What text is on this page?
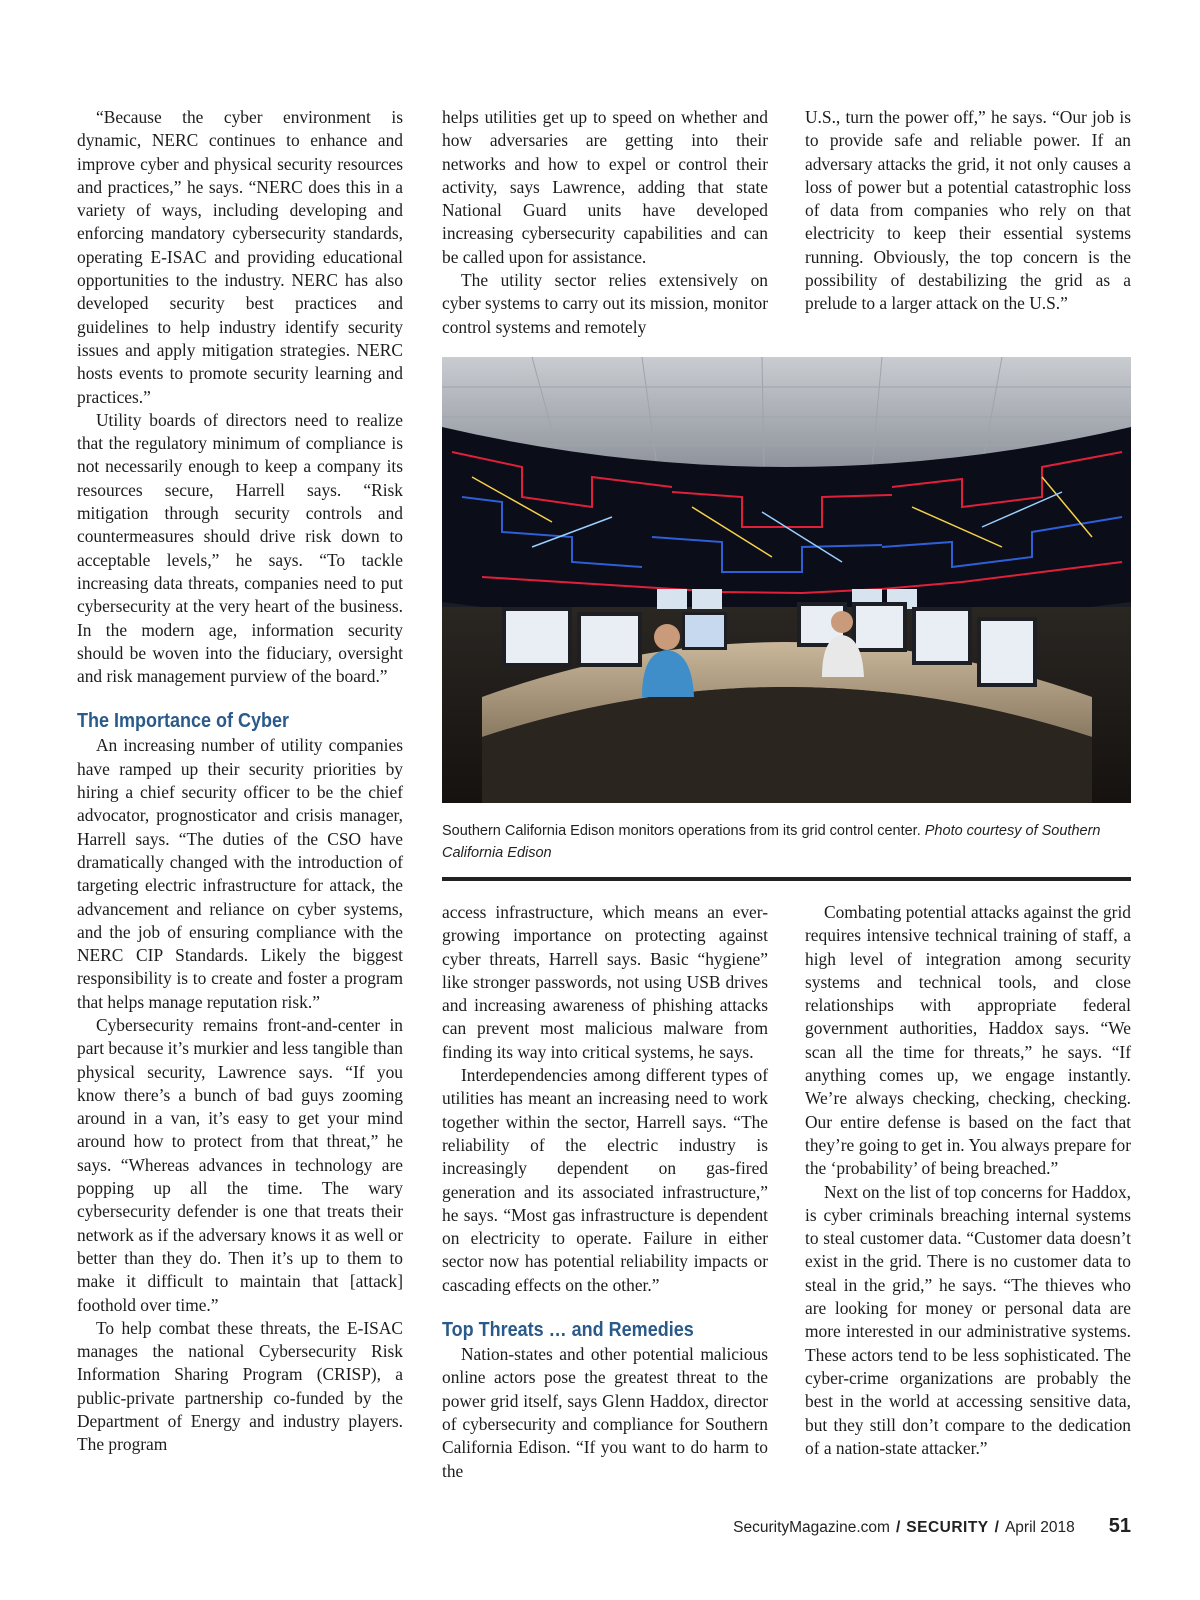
“Because the cyber environment is dynamic, NERC continues to enhance and improve cyber and physical security resources and practices,” he says. “NERC does this in a variety of ways, including developing and enforcing mandatory cybersecurity standards, operating E-ISAC and providing educational opportunities to the industry. NERC has also developed security best practices and guidelines to help industry identify security issues and apply mitigation strategies. NERC hosts events to promote security learning and practices.”

Utility boards of directors need to realize that the regulatory minimum of compliance is not necessarily enough to keep a company its resources secure, Harrell says. “Risk mitigation through security controls and countermeasures should drive risk down to acceptable levels,” he says. “To tackle increasing data threats, companies need to put cybersecurity at the very heart of the business. In the modern age, information security should be woven into the fiduciary, oversight and risk management purview of the board.”

The Importance of Cyber

An increasing number of utility companies have ramped up their security priorities by hiring a chief security officer to be the chief advocator, prognosticator and crisis manager, Harrell says. “The duties of the CSO have dramatically changed with the introduction of targeting electric infrastructure for attack, the advancement and reliance on cyber systems, and the job of ensuring compliance with the NERC CIP Standards. Likely the biggest responsibility is to create and foster a program that helps manage reputation risk.”

Cybersecurity remains front-and-center in part because it’s murkier and less tangible than physical security, Lawrence says. “If you know there’s a bunch of bad guys zooming around in a van, it’s easy to get your mind around how to protect from that threat,” he says. “Whereas advances in technology are popping up all the time. The wary cybersecurity defender is one that treats their network as if the adversary knows it as well or better than they do. Then it’s up to them to make it difficult to maintain that [attack] foothold over time.”

To help combat these threats, the E-ISAC manages the national Cybersecurity Risk Information Sharing Program (CRISP), a public-private partnership co-funded by the Department of Energy and industry players. The program

helps utilities get up to speed on whether and how adversaries are getting into their networks and how to expel or control their activity, says Lawrence, adding that state National Guard units have developed increasing cybersecurity capabilities and can be called upon for assistance.

The utility sector relies extensively on cyber systems to carry out its mission, monitor control systems and remotely

U.S., turn the power off,” he says. “Our job is to provide safe and reliable power. If an adversary attacks the grid, it not only causes a loss of power but a potential catastrophic loss of data from companies who rely on that electricity to keep their essential systems running. Obviously, the top concern is the possibility of destabilizing the grid as a prelude to a larger attack on the U.S.”

Southern California Edison monitors operations from its grid control center. Photo courtesy of Southern California Edison

access infrastructure, which means an ever-growing importance on protecting against cyber threats, Harrell says. Basic “hygiene” like stronger passwords, not using USB drives and increasing awareness of phishing attacks can prevent most malicious malware from finding its way into critical systems, he says.

Interdependencies among different types of utilities has meant an increasing need to work together within the sector, Harrell says. “The reliability of the electric industry is increasingly dependent on gas-fired generation and its associated infrastructure,” he says. “Most gas infrastructure is dependent on electricity to operate. Failure in either sector now has potential reliability impacts or cascading effects on the other.”

Top Threats … and Remedies

Nation-states and other potential malicious online actors pose the greatest threat to the power grid itself, says Glenn Haddox, director of cybersecurity and compliance for Southern California Edison. “If you want to do harm to the

Combating potential attacks against the grid requires intensive technical training of staff, a high level of integration among security systems and technical tools, and close relationships with appropriate federal government authorities, Haddox says. “We scan all the time for threats,” he says. “If anything comes up, we engage instantly. We’re always checking, checking, checking. Our entire defense is based on the fact that they’re going to get in. You always prepare for the ‘probability’ of being breached.”

Next on the list of top concerns for Haddox, is cyber criminals breaching internal systems to steal customer data. “Customer data doesn’t exist in the grid. There is no customer data to steal in the grid,” he says. “The thieves who are looking for money or personal data are more interested in our administrative systems. These actors tend to be less sophisticated. The cyber-crime organizations are probably the best in the world at accessing sensitive data, but they still don’t compare to the dedication of a nation-state attacker.”

SecurityMagazine.com / SECURITY / April 2018 51
